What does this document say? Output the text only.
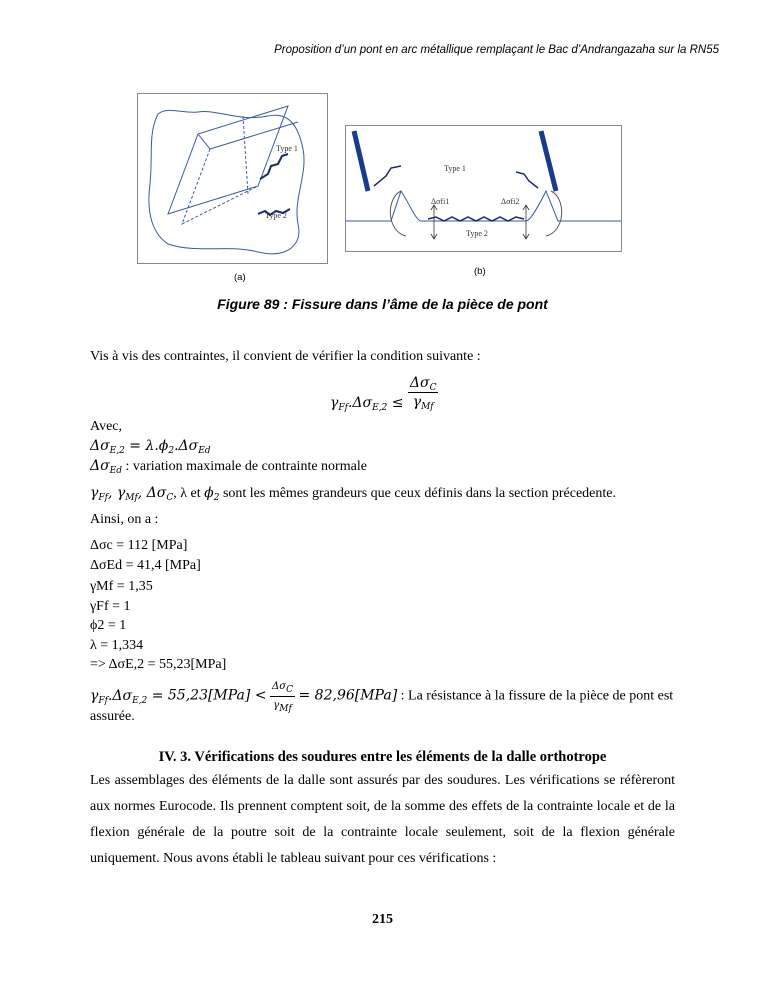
Proposition d’un pont en arc métallique remplaçant le Bac d’Andrangazaha sur la RN55
Type 1
Type 2
(a)
Type 1
Type 2
Δσfi1	Δσfi2
(b)
Figure 89 : Fissure dans l’âme de la pièce de pont
Vis à vis des contraintes, il convient de vérifier la condition suivante :
$\gamma_{Ff}.\Delta\sigma_{E,2} \le \frac{\Delta\sigma_C}{\gamma_{Mf}}$
Avec,
$\Delta\sigma_{E,2} = \lambda.\phi_2.\Delta\sigma_{Ed}$
$\Delta\sigma_{Ed}$ : variation maximale de contrainte normale
$\gamma_{Ff}$, $\gamma_{Mf}$, $\Delta\sigma_C$, λ et $\phi_2$ sont les mêmes grandeurs que ceux définis dans la section précedente.
Ainsi, on a :
Δσc = 112 [MPa]
ΔσEd = 41,4 [MPa]
γMf = 1,35
γFf = 1
ϕ2 = 1
λ = 1,334
=> ΔσE,2 = 55,23[MPa]
$\gamma_{Ff}.\Delta\sigma_{E,2} = 55,23[MPa] < \frac{\Delta\sigma_C}{\gamma_{Mf}} = 82,96[MPa]$ : La résistance à la fissure de la pièce de pont est
assurée.
IV. 3. Vérifications des soudures entre les éléments de la dalle orthotrope
Les assemblages des éléments de la dalle sont assurés par des soudures. Les vérifications se réfèreront aux normes Eurocode. Ils prennent comptent soit, de la somme des effets de la contrainte locale et de la flexion générale de la poutre soit de la contrainte locale seulement, soit de la flexion générale uniquement. Nous avons établi le tableau suivant pour ces vérifications :
215
